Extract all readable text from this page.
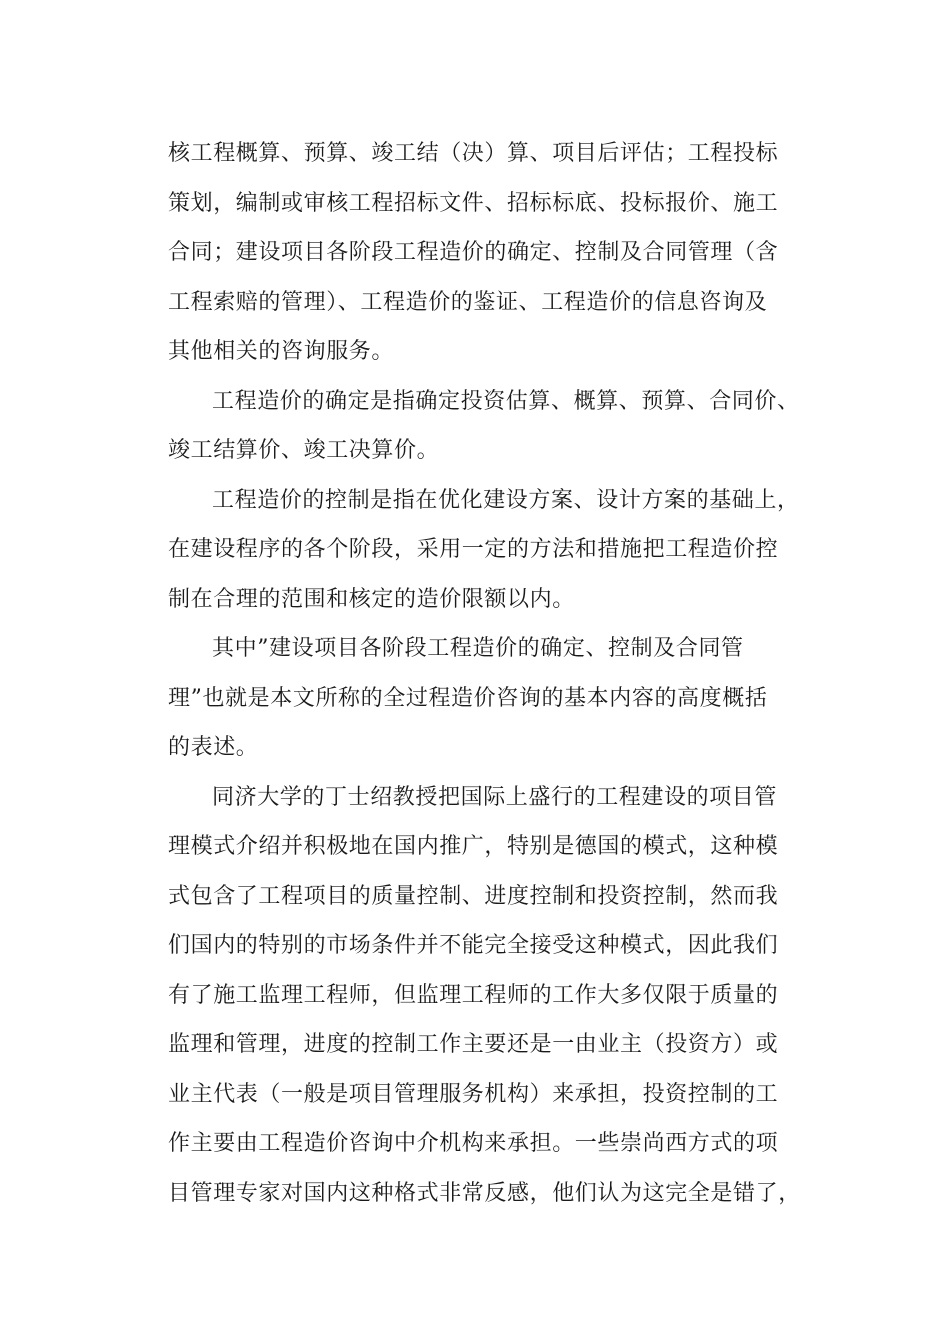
核工程概算、预算、竣工结（决）算、项目后评估；工程投标
策划，编制或审核工程招标文件、招标标底、投标报价、施工
合同；建设项目各阶段工程造价的确定、控制及合同管理（含
工程索赔的管理）、工程造价的鉴证、工程造价的信息咨询及
其他相关的咨询服务。
工程造价的确定是指确定投资估算、概算、预算、合同价、
竣工结算价、竣工决算价。
工程造价的控制是指在优化建设方案、设计方案的基础上，
在建设程序的各个阶段，采用一定的方法和措施把工程造价控
制在合理的范围和核定的造价限额以内。
其中”建设项目各阶段工程造价的确定、控制及合同管
理”也就是本文所称的全过程造价咨询的基本内容的高度概括
的表述。
同济大学的丁士绍教授把国际上盛行的工程建设的项目管
理模式介绍并积极地在国内推广，特别是德国的模式，这种模
式包含了工程项目的质量控制、进度控制和投资控制，然而我
们国内的特别的市场条件并不能完全接受这种模式，因此我们
有了施工监理工程师，但监理工程师的工作大多仅限于质量的
监理和管理，进度的控制工作主要还是一由业主（投资方）或
业主代表（一般是项目管理服务机构）来承担，投资控制的工
作主要由工程造价咨询中介机构来承担。一些崇尚西方式的项
目管理专家对国内这种格式非常反感，他们认为这完全是错了，
